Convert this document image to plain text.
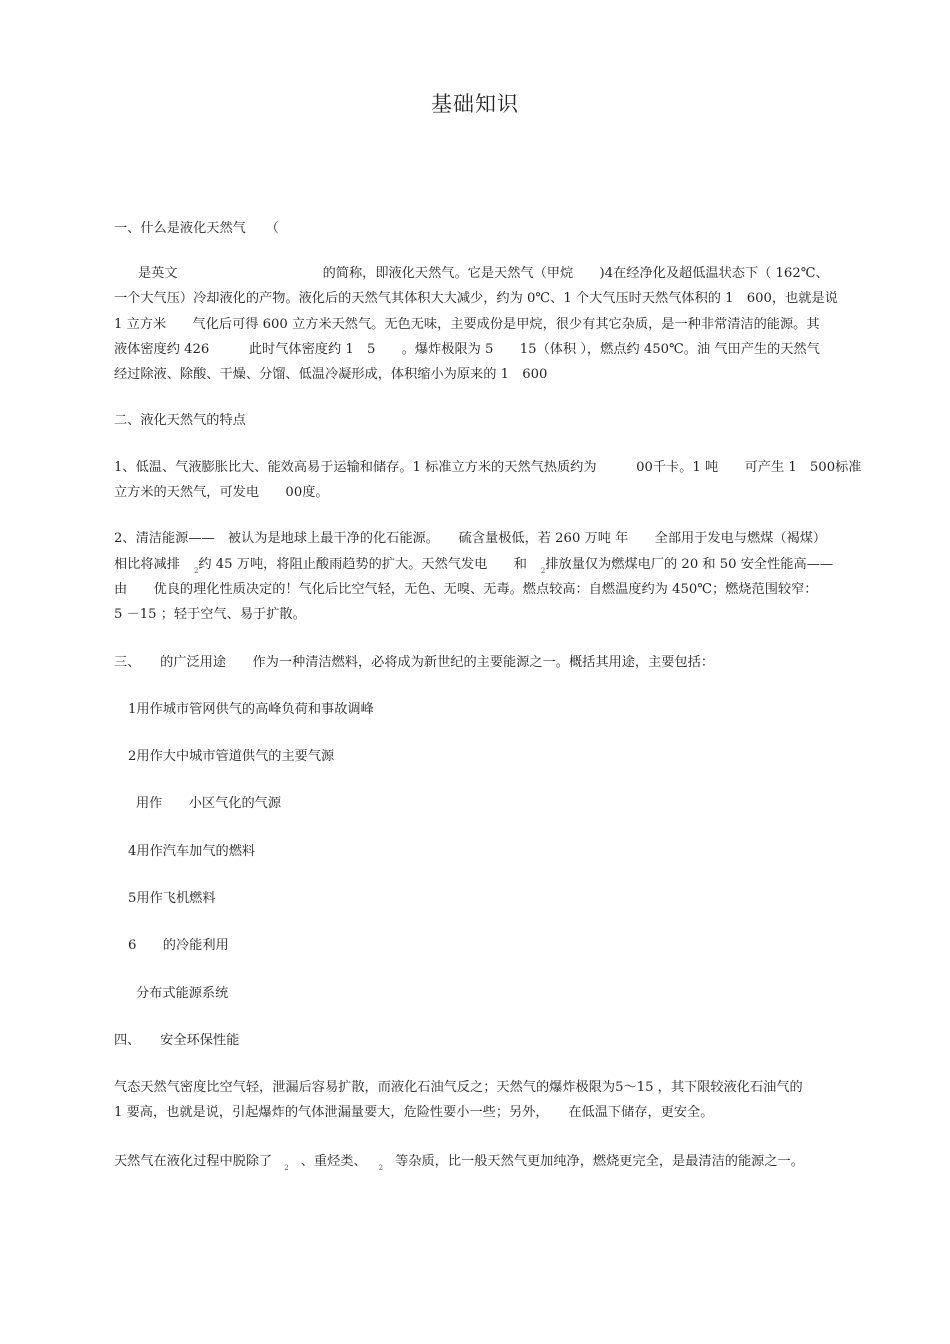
基础知识
一、什么是液化天然气　　（
是英文　　　　　　　　　　　的简称，即液化天然气。它是天然气（甲烷　　)4在经净化及超低温状态下（ 162℃、
一个大气压）冷却液化的产物。液化后的天然气其体积大大减少，约为 0℃、1 个大气压时天然气体积的 1　600，也就是说
1 立方米　　气化后可得 600 立方米天然气。无色无味，主要成份是甲烷，很少有其它杂质，是一种非常清洁的能源。其
液体密度约 426　　　此时气体密度约 1　5　　。爆炸极限为 5　　15（体积 ），燃点约 450℃。油 气田产生的天然气
经过除液、除酸、干燥、分馏、低温冷凝形成，体积缩小为原来的 1　600
二、液化天然气的特点
1、低温、气液膨胀比大、能效高易于运输和储存。1 标准立方米的天然气热质约为　　　00千卡。1 吨　　可产生 1　500标准
立方米的天然气，可发电　　00度。
2、清洁能源——　被认为是地球上最干净的化石能源。　　硫含量极低，若 260 万吨 年　　全部用于发电与燃煤（褐煤）
相比将减排 $_2$约 45 万吨，将阻止酸雨趋势的扩大。天然气发电　　和 $_2$排放量仅为燃煤电厂的 20 和 50 安全性能高——
由　　优良的理化性质决定的！气化后比空气轻，无色、无嗅、无毒。燃点较高：自燃温度约为 450℃；燃烧范围较窄：
5 －15 ；轻于空气、易于扩散。
三、　　的广泛用途　　作为一种清洁燃料，必将成为新世纪的主要能源之一。概括其用途，主要包括：
1用作城市管网供气的高峰负荷和事故调峰
2用作大中城市管道供气的主要气源
用作　　小区气化的气源
4用作汽车加气的燃料
5用作飞机燃料
6　　的冷能利用
分布式能源系统
四、　　安全环保性能
气态天然气密度比空气轻，泄漏后容易扩散，而液化石油气反之；天然气的爆炸极限为5～15 ，其下限较液化石油气的
1 要高，也就是说，引起爆炸的气体泄漏量要大，危险性要小一些；另外，　　在低温下储存，更安全。
天然气在液化过程中脱除了 $_2$ 、重烃类、 $_2$ 等杂质，比一般天然气更加纯净，燃烧更完全，是最清洁的能源之一。
